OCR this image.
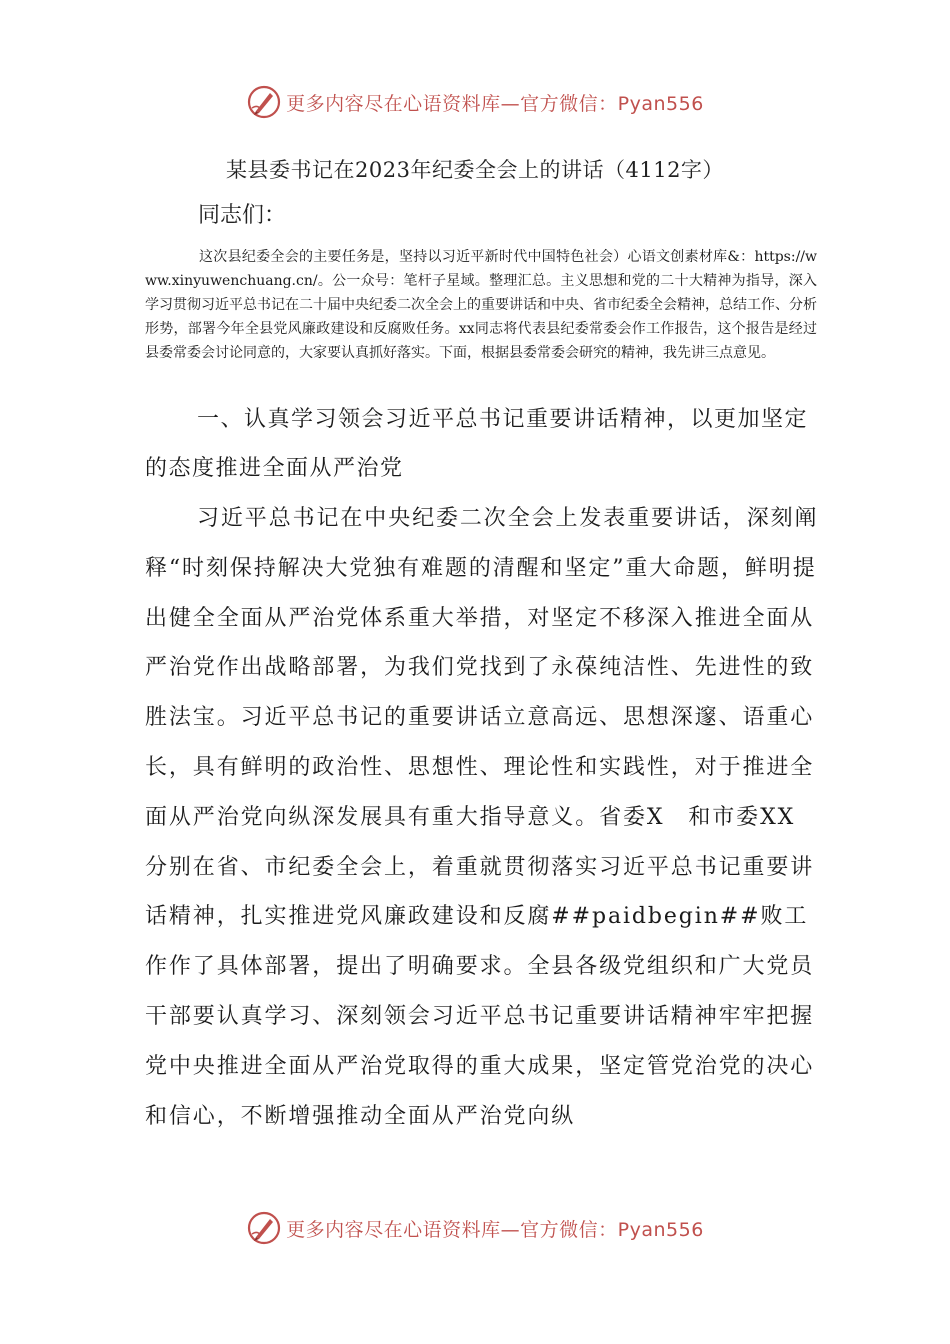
更多内容尽在心语资料库—官方微信：Pyan556
某县委书记在2023年纪委全会上的讲话（4112字）
同志们：
这次县纪委全会的主要任务是，坚持以习近平新时代中国特色社会）心语文创素材库&：https://www.xinyuwenchuang.cn/。公一众号：笔杆子星域。整理汇总。主义思想和党的二十大精神为指导，深入学习贯彻习近平总书记在二十届中央纪委二次全会上的重要讲话和中央、省市纪委全会精神，总结工作、分析形势，部署今年全县党风廉政建设和反腐败任务。xx同志将代表县纪委常委会作工作报告，这个报告是经过县委常委会讨论同意的，大家要认真抓好落实。下面，根据县委常委会研究的精神，我先讲三点意见。
一、认真学习领会习近平总书记重要讲话精神，以更加坚定的态度推进全面从严治党
习近平总书记在中央纪委二次全会上发表重要讲话，深刻阐释“时刻保持解决大党独有难题的清醒和坚定”重大命题，鲜明提出健全全面从严治党体系重大举措，对坚定不移深入推进全面从严治党作出战略部署，为我们党找到了永葆纯洁性、先进性的致胜法宝。习近平总书记的重要讲话立意高远、思想深邃、语重心长，具有鲜明的政治性、思想性、理论性和实践性，对于推进全面从严治党向纵深发展具有重大指导意义。省委X　和市委XX　分别在省、市纪委全会上，着重就贯彻落实习近平总书记重要讲话精神，扎实推进党风廉政建设和反腐##paidbegin##败工作作了具体部署，提出了明确要求。全县各级党组织和广大党员干部要认真学习、深刻领会习近平总书记重要讲话精神牢牢把握党中央推进全面从严治党取得的重大成果，坚定管党治党的决心和信心，不断增强推动全面从严治党向纵
更多内容尽在心语资料库—官方微信：Pyan556
